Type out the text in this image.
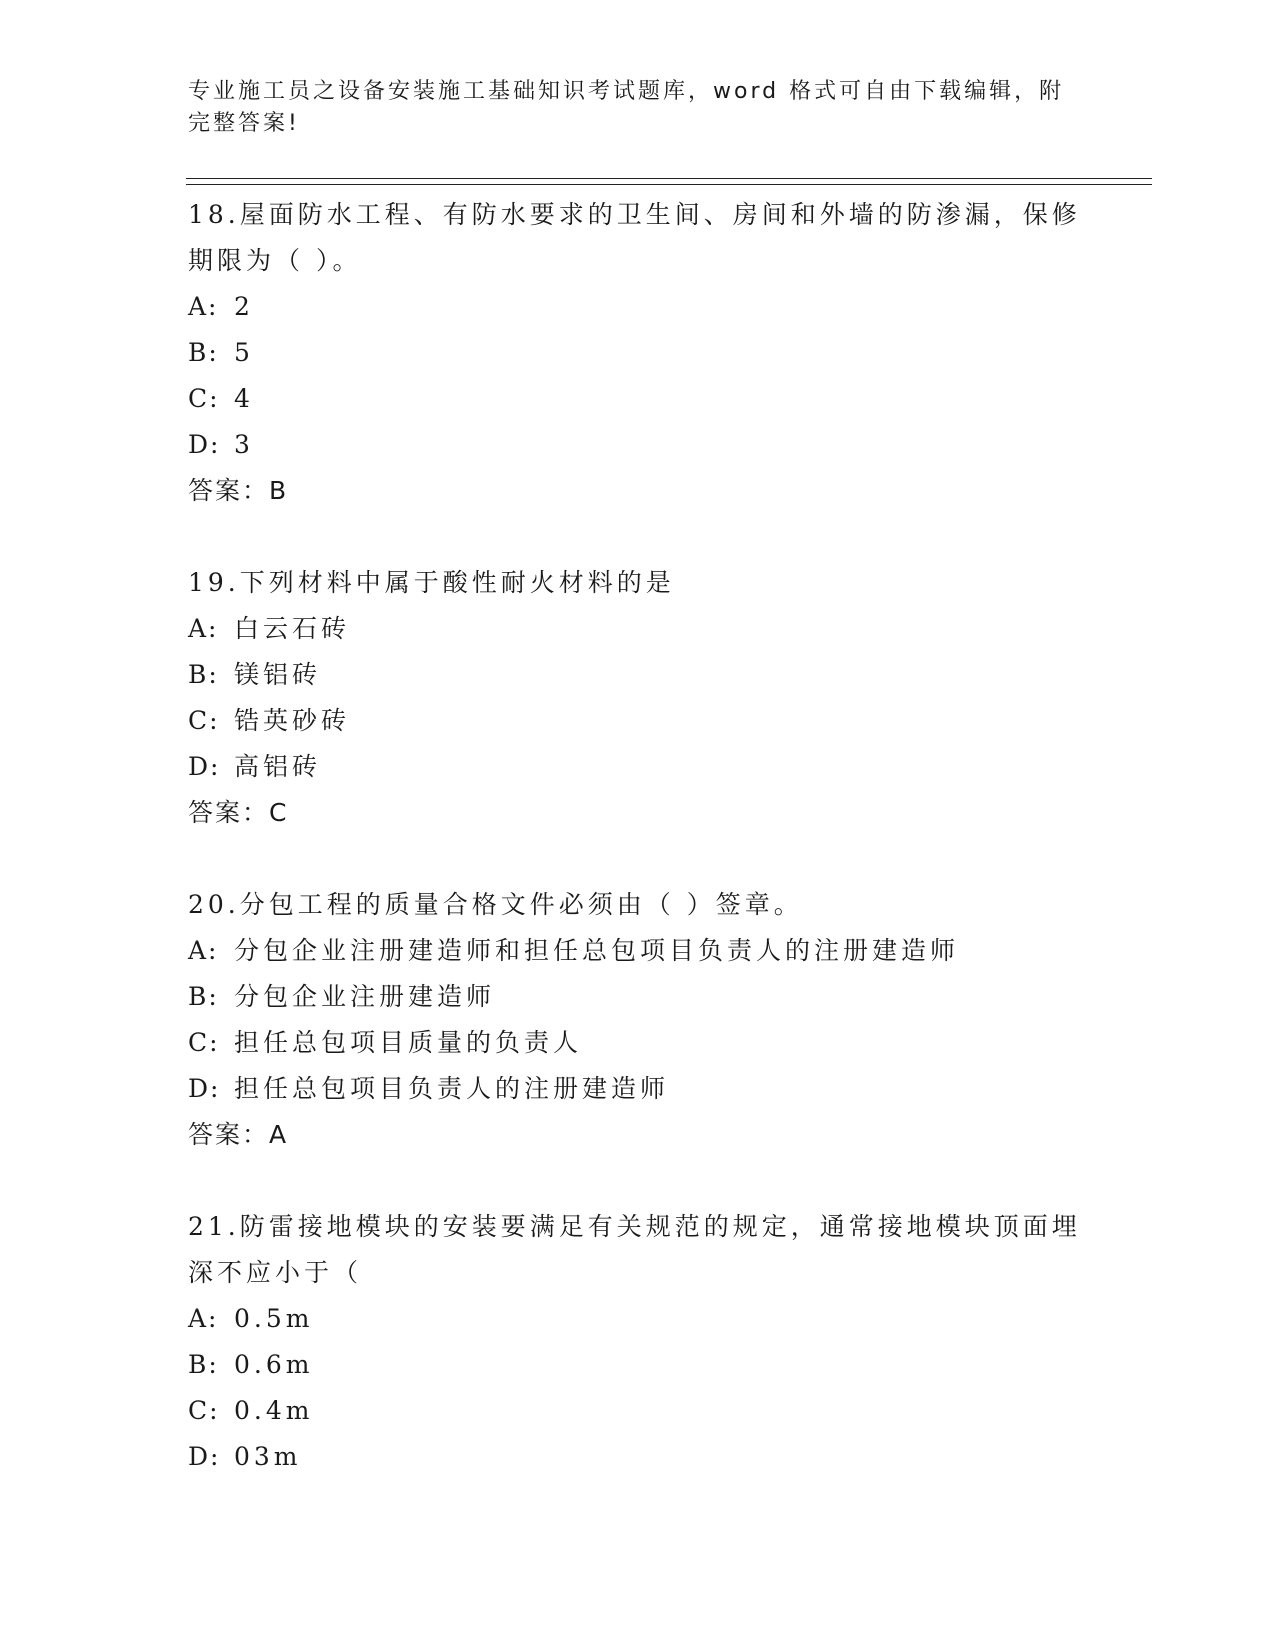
专业施工员之设备安装施工基础知识考试题库，word 格式可自由下载编辑，附完整答案!

18.屋面防水工程、有防水要求的卫生间、房间和外墙的防渗漏，保修期限为（ ）。

A: 2

B: 5

C: 4

D: 3

答案：B

19.下列材料中属于酸性耐火材料的是

A: 白云石砖

B: 镁铝砖

C: 锆英砂砖

D: 高铝砖

答案：C

20.分包工程的质量合格文件必须由（ ）签章。

A: 分包企业注册建造师和担任总包项目负责人的注册建造师

B: 分包企业注册建造师

C: 担任总包项目质量的负责人

D: 担任总包项目负责人的注册建造师

答案：A

21.防雷接地模块的安装要满足有关规范的规定，通常接地模块顶面埋深不应小于（

A: 0.5m

B: 0.6m

C: 0.4m

D: 03m
